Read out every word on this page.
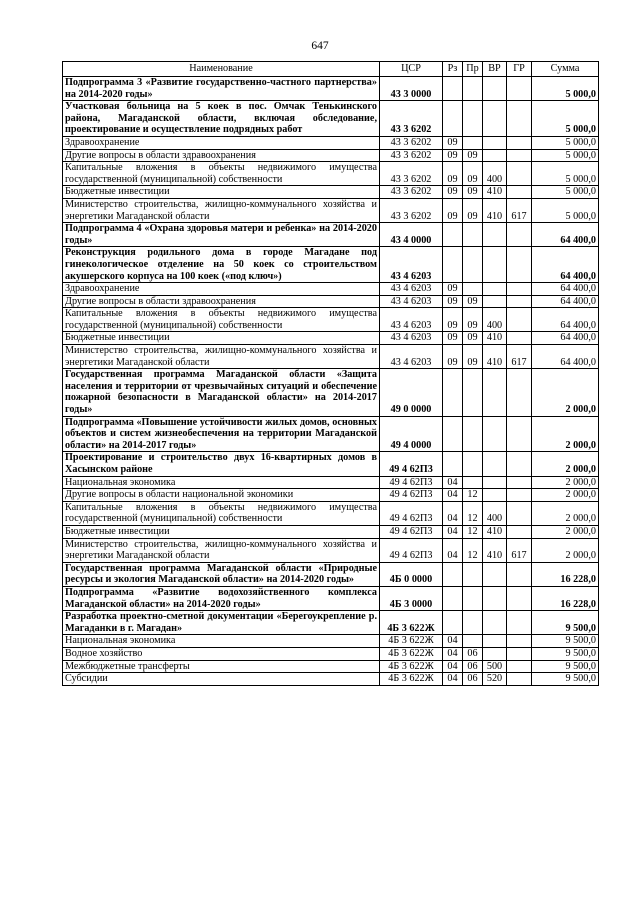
647
Наименование	ЦСР	Рз	Пр	ВР	ГР	Сумма
Подпрограмма 3 «Развитие государственно-частного партнерства» на 2014-2020 годы»	43 3 0000					5 000,0
Участковая больница на 5 коек в пос. Омчак Тенькинского района, Магаданской области, включая обследование, проектирование и осуществление подрядных работ	43 3 6202					5 000,0
Здравоохранение	43 3 6202	09				5 000,0
Другие вопросы в области здравоохранения	43 3 6202	09	09			5 000,0
Капитальные вложения в объекты недвижимого имущества государственной (муниципальной) собственности	43 3 6202	09	09	400		5 000,0
Бюджетные инвестиции	43 3 6202	09	09	410		5 000,0
Министерство строительства, жилищно-коммунального хозяйства и энергетики Магаданской области	43 3 6202	09	09	410	617	5 000,0
Подпрограмма 4 «Охрана здоровья матери и ребенка» на 2014-2020 годы»	43 4 0000					64 400,0
Реконструкция родильного дома в городе Магадане под гинекологическое отделение на 50 коек со строительством акушерского корпуса на 100 коек («под ключ»)	43 4 6203					64 400,0
Здравоохранение	43 4 6203	09				64 400,0
Другие вопросы в области здравоохранения	43 4 6203	09	09			64 400,0
Капитальные вложения в объекты недвижимого имущества государственной (муниципальной) собственности	43 4 6203	09	09	400		64 400,0
Бюджетные инвестиции	43 4 6203	09	09	410		64 400,0
Министерство строительства, жилищно-коммунального хозяйства и энергетики Магаданской области	43 4 6203	09	09	410	617	64 400,0
Государственная программа Магаданской области «Защита населения и территории от чрезвычайных ситуаций и обеспечение пожарной безопасности в Магаданской области» на 2014-2017 годы»	49 0 0000					2 000,0
Подпрограмма «Повышение устойчивости жилых домов, основных объектов и систем жизнеобеспечения на территории Магаданской области» на 2014-2017 годы»	49 4 0000					2 000,0
Проектирование и строительство двух 16-квартирных домов в Хасынском районе	49 4 62П3					2 000,0
Национальная экономика	49 4 62П3	04				2 000,0
Другие вопросы в области национальной экономики	49 4 62П3	04	12			2 000,0
Капитальные вложения в объекты недвижимого имущества государственной (муниципальной) собственности	49 4 62П3	04	12	400		2 000,0
Бюджетные инвестиции	49 4 62П3	04	12	410		2 000,0
Министерство строительства, жилищно-коммунального хозяйства и энергетики Магаданской области	49 4 62П3	04	12	410	617	2 000,0
Государственная программа Магаданской области «Природные ресурсы и экология Магаданской области» на 2014-2020 годы»	4Б 0 0000					16 228,0
Подпрограмма «Развитие водохозяйственного комплекса Магаданской области» на 2014-2020 годы»	4Б 3 0000					16 228,0
Разработка проектно-сметной документации «Берегоукрепление р. Магаданки в г. Магадан»	4Б 3 622Ж					9 500,0
Национальная экономика	4Б 3 622Ж	04				9 500,0
Водное хозяйство	4Б 3 622Ж	04	06			9 500,0
Межбюджетные трансферты	4Б 3 622Ж	04	06	500		9 500,0
Субсидии	4Б 3 622Ж	04	06	520		9 500,0
